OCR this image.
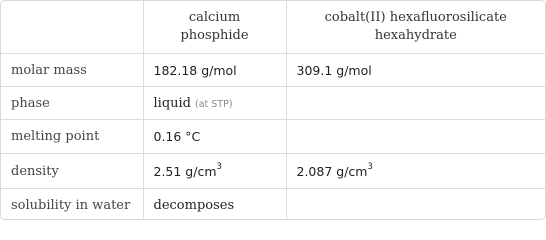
	calcium phosphide	cobalt(II) hexafluorosilicate hexahydrate
molar mass	182.18 g/mol	309.1 g/mol
phase	liquid (at STP)	
melting point	0.16 °C	
density	2.51 $g/cm^3$	2.087 $g/cm^3$
solubility in water	decomposes	
